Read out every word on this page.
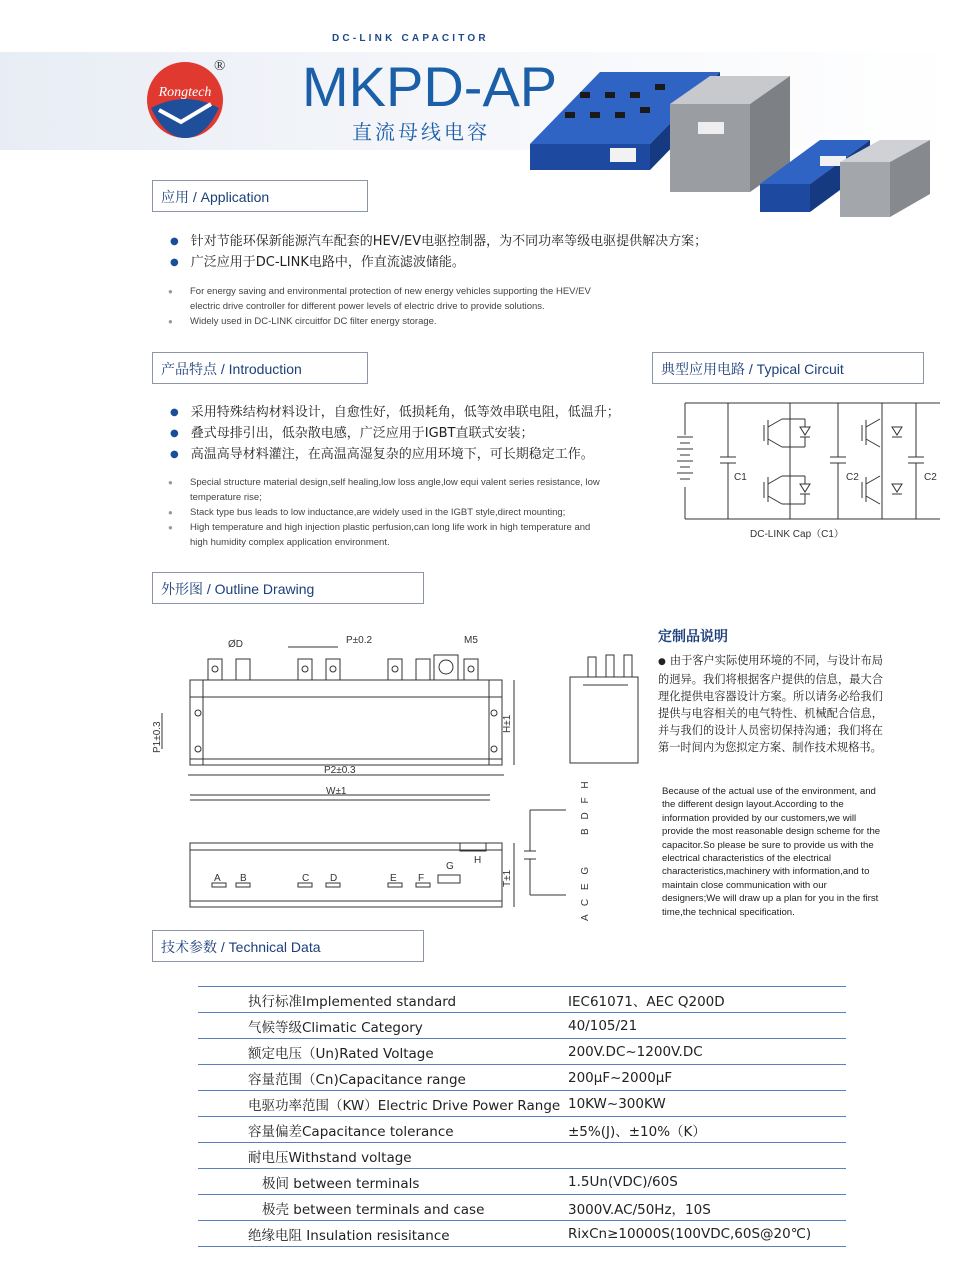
DC-LINK CAPACITOR
Rongtech
® MKPD-AP
直流母线电容
应用 / Application
● 针对节能环保新能源汽车配套的HEV/EV电驱控制器，为不同功率等级电驱提供解决方案；
● 广泛应用于DC-LINK电路中，作直流滤波储能。
● For energy saving and environmental protection of new energy vehicles supporting the HEV/EV electric drive controller for different power levels of electric drive to provide solutions.
● Widely used in DC-LINK circuitfor DC filter energy storage.
产品特点 / Introduction
● 采用特殊结构材料设计，自愈性好，低损耗角，低等效串联电阻，低温升；
● 叠式母排引出，低杂散电感，广泛应用于IGBT直联式安装；
● 高温高导材料灌注，在高温高湿复杂的应用环境下，可长期稳定工作。
● Special structure material design,self healing,low loss angle,low equi valent series resistance, low temperature rise;
● Stack type bus leads to low inductance,are widely used in the IGBT style,direct mounting;
● High temperature and high injection plastic perfusion,can long life work in high temperature and high humidity complex application environment.
典型应用电路 / Typical Circuit
C1	C2	C2
DC-LINK Cap（C1）
外形图 / Outline Drawing
ØD	P±0.2	M5
P1±0.3	H±1
P2±0.3
W±1
T±1
H
A B	C D	E F
G
B D F H
A C E G
定制品说明
● 由于客户实际使用环境的不同，与设计布局的迥异。我们将根据客户提供的信息，最大合理化提供电容器设计方案。所以请务必给我们提供与电容相关的电气特性、机械配合信息，并与我们的设计人员密切保持沟通；我们将在第一时间内为您拟定方案、制作技术规格书。
Because of the actual use of the environment, and the different design layout.According to the information provided by our customers,we will provide the most reasonable design scheme for the capacitor.So please be sure to provide us with the electrical characteristics of the electrical characteristics,machinery with information,and to maintain close communication with our designers;We will draw up a plan for you in the first time,the technical specification.
技术参数 / Technical Data
执行标准Implemented standard	IEC61071、AEC Q200D
气候等级Climatic Category	40/105/21
额定电压（Un)Rated Voltage	200V.DC~1200V.DC
容量范围（Cn)Capacitance range	200μF~2000μF
电驱功率范围（KW）Electric Drive Power Range	10KW~300KW
容量偏差Capacitance tolerance	±5%(J)、±10%（K）
耐电压Withstand voltage	
极间 between terminals	1.5Un(VDC)/60S
极壳 between terminals and case	3000V.AC/50Hz，10S
绝缘电阻 Insulation resisitance	RixCn≥10000S(100VDC,60S@20℃)
